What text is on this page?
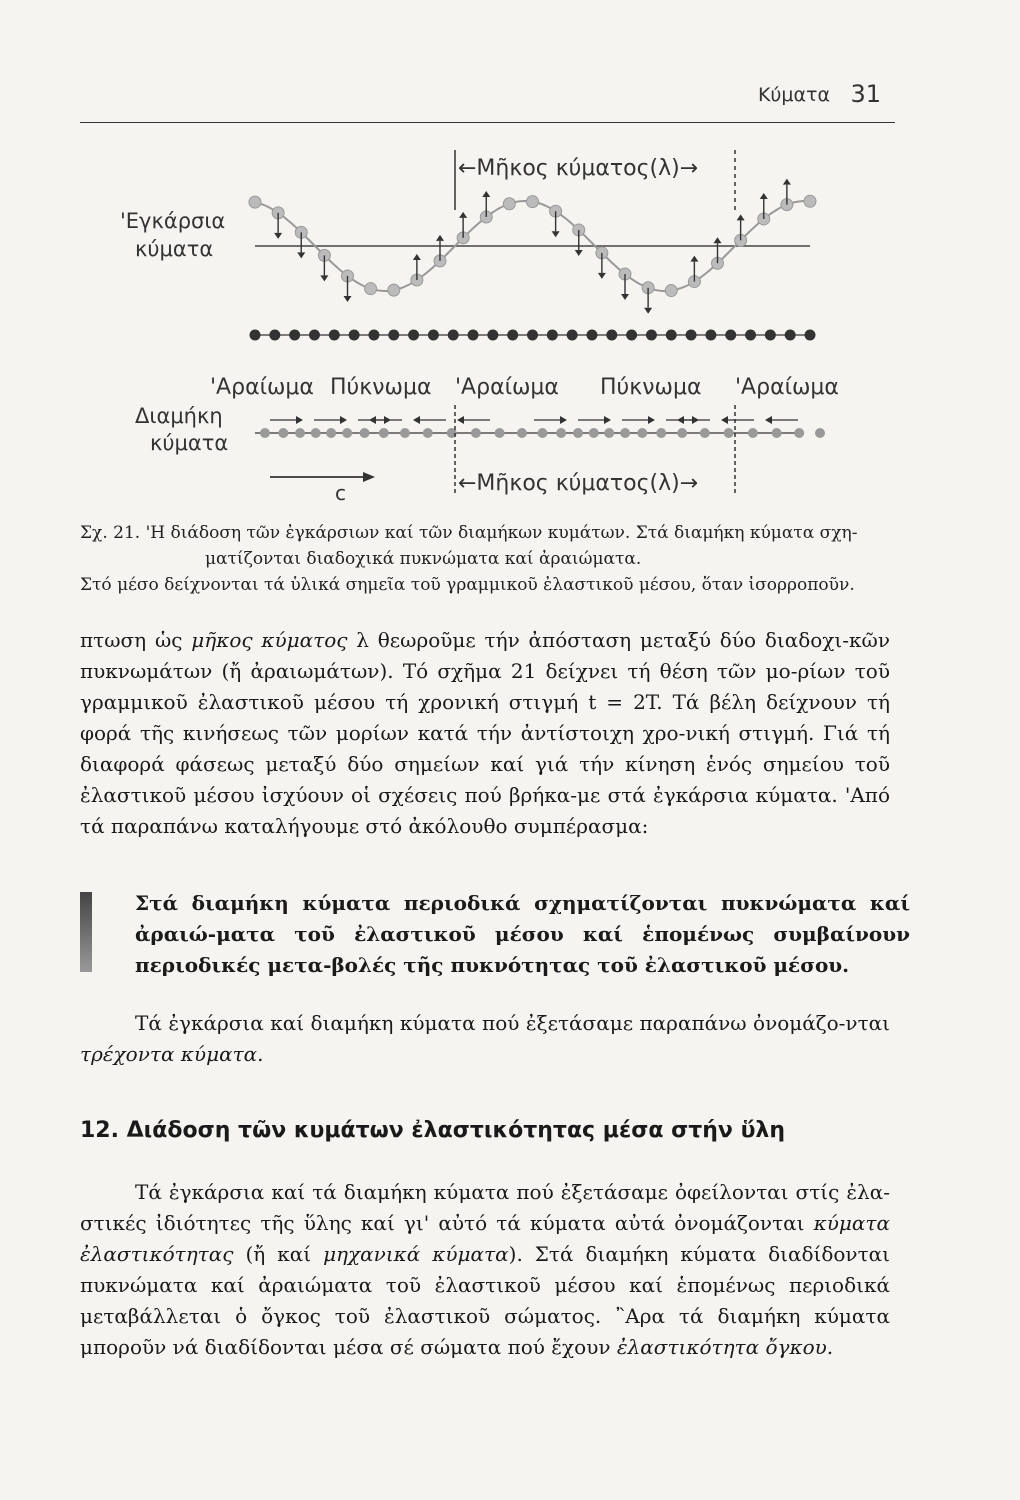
Κύματα 31
'Εγκάρσια
κύματα
←Μῆκος κύματος(λ)→
'Αραίωμα Πύκνωμα 'Αραίωμα Πύκνωμα 'Αραίωμα
Διαμήκη
κύματα
←Μῆκος κύματος(λ)→
c
Σχ. 21. 'Η διάδοση τῶν ἐγκάρσιων καί τῶν διαμήκων κυμάτων. Στά διαμήκη κύματα σχη-
ματίζονται διαδοχικά πυκνώματα καί ἀραιώματα.
Στό μέσο δείχνονται τά ὑλικά σημεῖα τοῦ γραμμικοῦ ἐλαστικοῦ μέσου, ὅταν ἰσορροποῦν.
πτωση ὡς μῆκος κύματος λ θεωροῦμε τήν ἀπόσταση μεταξύ δύο διαδοχι-κῶν πυκνωμάτων (ἤ ἀραιωμάτων). Τό σχῆμα 21 δείχνει τή θέση τῶν μο-ρίων τοῦ γραμμικοῦ ἐλαστικοῦ μέσου τή χρονική στιγμή t = 2T. Τά βέλη δείχνουν τή φορά τῆς κινήσεως τῶν μορίων κατά τήν ἀντίστοιχη χρο-νική στιγμή. Γιά τή διαφορά φάσεως μεταξύ δύο σημείων καί γιά τήν κίνηση ἑνός σημείου τοῦ ἐλαστικοῦ μέσου ἰσχύουν οἱ σχέσεις πού βρήκα-με στά ἐγκάρσια κύματα. 'Από τά παραπάνω καταλήγουμε στό ἀκόλουθο συμπέρασμα:
Στά διαμήκη κύματα περιοδικά σχηματίζονται πυκνώματα καί ἀραιώ-ματα τοῦ ἐλαστικοῦ μέσου καί ἑπομένως συμβαίνουν περιοδικές μετα-βολές τῆς πυκνότητας τοῦ ἐλαστικοῦ μέσου.
Τά ἐγκάρσια καί διαμήκη κύματα πού ἐξετάσαμε παραπάνω ὀνομάζο-νται τρέχοντα κύματα.
12. Διάδοση τῶν κυμάτων ἐλαστικότητας μέσα στήν ὕλη
Τά ἐγκάρσια καί τά διαμήκη κύματα πού ἐξετάσαμε ὀφείλονται στίς ἐλα-στικές ἰδιότητες τῆς ὕλης καί γι' αὐτό τά κύματα αὐτά ὀνομάζονται κύματα ἐλαστικότητας (ἤ καί μηχανικά κύματα). Στά διαμήκη κύματα διαδίδονται πυκνώματα καί ἀραιώματα τοῦ ἐλαστικοῦ μέσου καί ἑπομένως περιοδικά μεταβάλλεται ὁ ὄγκος τοῦ ἐλαστικοῦ σώματος. ῍Αρα τά διαμήκη κύματα μποροῦν νά διαδίδονται μέσα σέ σώματα πού ἔχουν ἐλαστικότητα ὄγκου.
